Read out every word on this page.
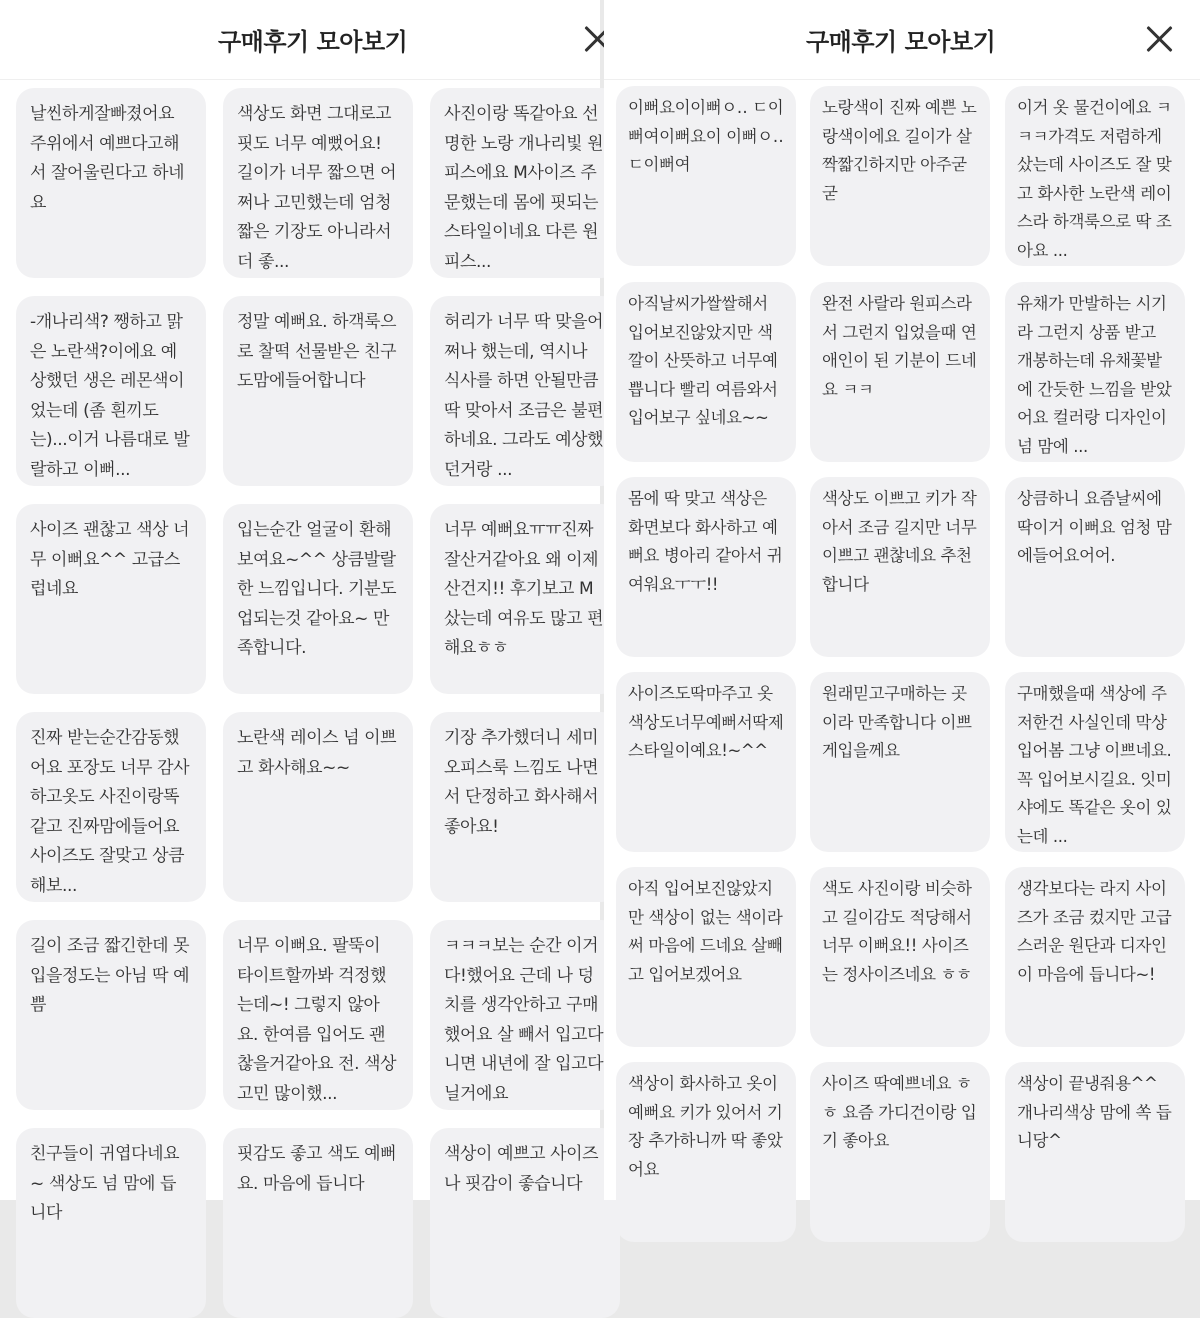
날씬하게잘빠졌어요 주위에서 예쁘다고해서 잘어울린다고 하네요
색상도 화면 그대로고 핏도 너무 예뻤어요! 길이가 너무 짧으면 어쩌나 고민했는데 엄청 짧은 기장도 아니라서 더 좋...
사진이랑 똑같아요 선명한 노랑 개나리빛 원피스에요 M사이즈 주문했는데 몸에 핏되는 스타일이네요 다른 원피스...
-개나리색? 쨍하고 맑은 노란색?이에요 예상했던 생은 레몬색이었는데 (좀 흰끼도는)...이거 나름대로 발랄하고 이뻐...
정말 예뻐요. 하객룩으로 찰떡 선물받은 친구도맘에들어합니다
허리가 너무 딱 맞을어쩌나 했는데, 역시나 식사를 하면 안될만큼 딱 맞아서 조금은 불편하네요. 그라도 예상했던거랑 ...
사이즈 괜찮고 색상 너무 이뻐요^^ 고급스럽네요
입는순간 얼굴이 환해보여요~^^ 상큼발랄한 느낌입니다. 기분도 업되는것 같아요~ 만족합니다.
너무 예뻐요ㅠㅠ진짜 잘산거같아요 왜 이제산건지!! 후기보고 M샀는데 여유도 많고 편해요ㅎㅎ
진짜 받는순간감동했어요 포장도 너무 감사하고옷도 사진이랑똑같고 진짜맘에들어요 사이즈도 잘맞고 상큼해보...
노란색 레이스 넘 이쁘고 화사해요~~
기장 추가했더니 세미 오피스룩 느낌도 나면서 단정하고 화사해서 좋아요!
길이 조금 짧긴한데 못입을정도는 아님 딱 예쁨
너무 이뻐요. 팔뚝이 타이트할까봐 걱정했는데~! 그렇지 않아요. 한여름 입어도 괜찮을거같아요 전. 색상 고민 많이했...
ㅋㅋㅋ보는 순간 이거다!했어요 근데 나 덩치를 생각안하고 구매했어요 살 빼서 입고다니면 내년에 잘 입고다닐거에요
친구들이 귀엽다네요~ 색상도 넘 맘에 듭니다
핏감도 좋고 색도 예뻐요. 마음에 듭니다
색상이 예쁘고 사이즈나 핏감이 좋습니다
구매후기 모아보기
이뻐요이이뻐ㅇ‥ ㄷ이뻐여이뻐요이 이뻐ㅇ‥ㄷ이뻐여
노랑색이 진짜 예쁜 노랑색이에요 길이가 살짝짧긴하지만 아주굳굳
이거 옷 물건이에요 ㅋㅋㅋ가격도 저렴하게 샀는데 사이즈도 잘 맞고 화사한 노란색 레이스라 하객룩으로 딱 조아요 ...
아직날씨가쌀쌀해서 입어보진않았지만 색깔이 산뜻하고 너무예쁩니다 빨리 여름와서 입어보구 싶네요~~
완전 사랄라 원피스라서 그런지 입었을때 연애인이 된 기분이 드네요 ㅋㅋ
유채가 만발하는 시기라 그런지 상품 받고 개봉하는데 유채꽃밭에 간듯한 느낌을 받았어요 컬러랑 디자인이 넘 맘에 ...
몸에 딱 맞고 색상은 화면보다 화사하고 예뻐요 병아리 같아서 귀여워요ㅜㅜ!!
색상도 이쁘고 키가 작아서 조금 길지만 너무 이쁘고 괜찮네요 추천합니다
상큼하니 요즘날씨에 딱이거 이뻐요 엄청 맘에들어요어어.
사이즈도딱마주고 옷색상도너무예뻐서딱제스타일이예요!~^^
원래믿고구매하는 곳이라 만족합니다 이쁘게입을께요
구매했을때 색상에 주저한건 사실인데 막상 입어봄 그냥 이쁘네요. 꼭 입어보시길요. 잇미샤에도 똑같은 옷이 있는데 ...
아직 입어보진않았지만 색상이 없는 색이라써 마음에 드네요 살빼고 입어보겠어요
색도 사진이랑 비슷하고 길이감도 적당해서 너무 이뻐요!! 사이즈는 정사이즈네요 ㅎㅎ
생각보다는 라지 사이즈가 조금 컸지만 고급스러운 원단과 디자인이 마음에 듭니다~!
색상이 화사하고 옷이 예뻐요 키가 있어서 기장 추가하니까 딱 좋았어요
사이즈 딱예쁘네요 ㅎㅎ 요즘 가디건이랑 입기 좋아요
색상이 끝냉줘용^^ 개나리색상 맘에 쏙 듭니당^
구매후기 모아보기
